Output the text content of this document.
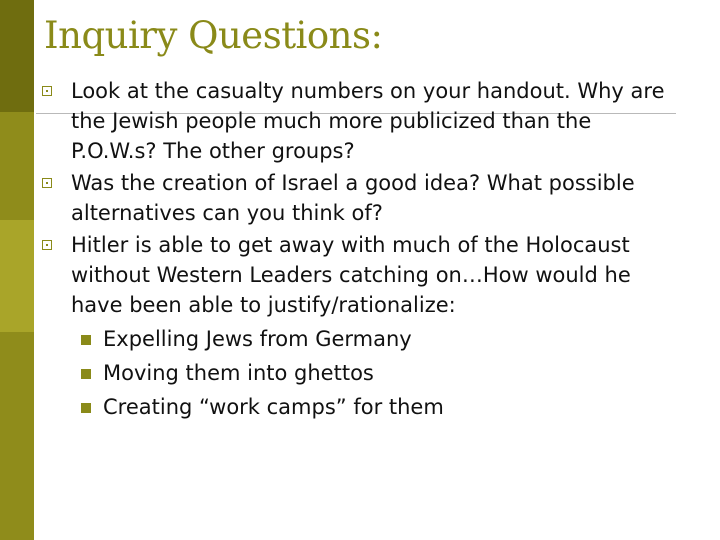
Inquiry Questions:
Look at the casualty numbers on your handout. Why are the Jewish people much more publicized than the P.O.W.s? The other groups?
Was the creation of Israel a good idea? What possible alternatives can you think of?
Hitler is able to get away with much of the Holocaust without Western Leaders catching on…How would he have been able to justify/rationalize:
Expelling Jews from Germany
Moving them into ghettos
Creating “work camps” for them
